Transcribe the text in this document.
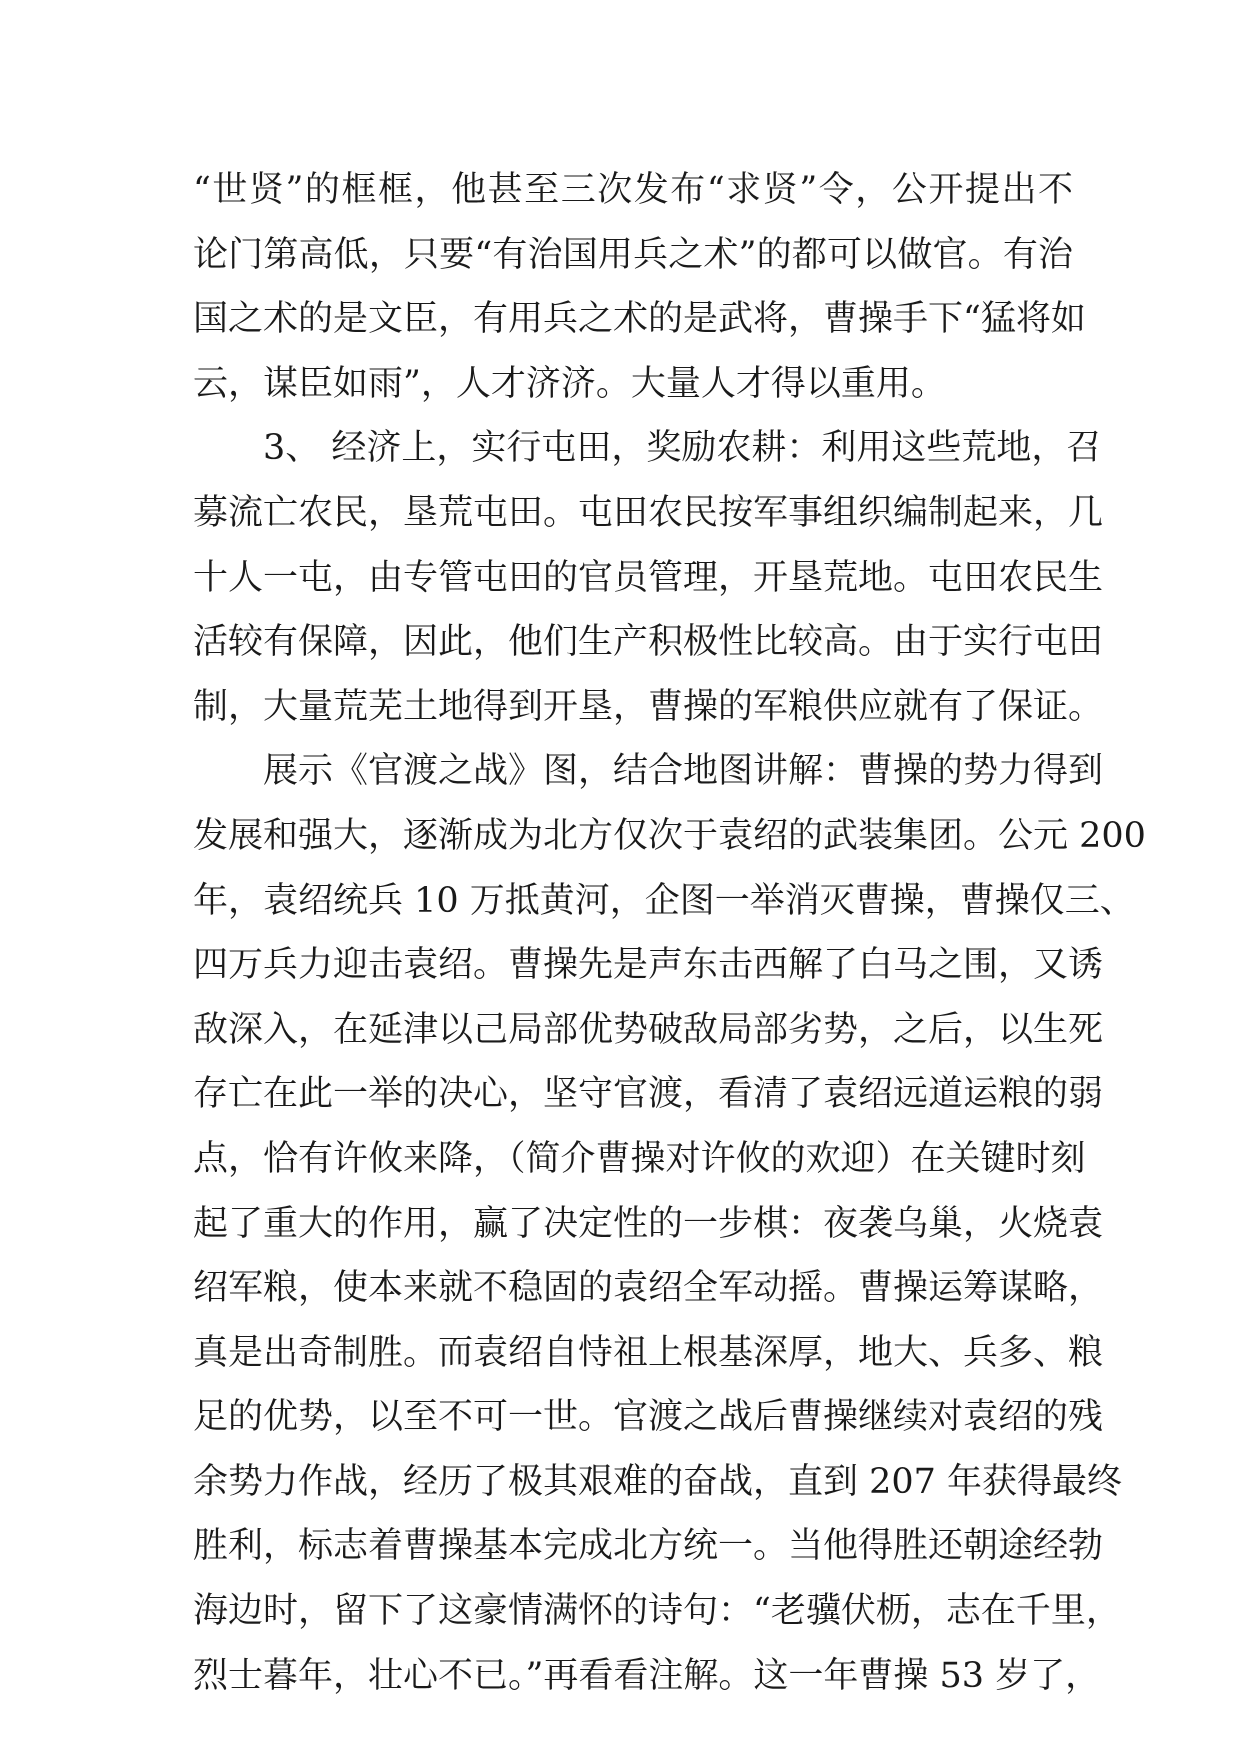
“世贤”的框框，他甚至三次发布“求贤”令，公开提出不
论门第高低，只要“有治国用兵之术”的都可以做官。有治
国之术的是文臣，有用兵之术的是武将，曹操手下“猛将如
云，谋臣如雨”，人才济济。大量人才得以重用。
3、 经济上，实行屯田，奖励农耕：利用这些荒地，召
募流亡农民，垦荒屯田。屯田农民按军事组织编制起来，几
十人一屯，由专管屯田的官员管理，开垦荒地。屯田农民生
活较有保障，因此，他们生产积极性比较高。由于实行屯田
制，大量荒芜土地得到开垦，曹操的军粮供应就有了保证。
展示《官渡之战》图，结合地图讲解：曹操的势力得到
发展和强大，逐渐成为北方仅次于袁绍的武装集团。公元 200
年，袁绍统兵 10 万抵黄河，企图一举消灭曹操，曹操仅三、
四万兵力迎击袁绍。曹操先是声东击西解了白马之围，又诱
敌深入，在延津以己局部优势破敌局部劣势，之后，以生死
存亡在此一举的决心，坚守官渡，看清了袁绍远道运粮的弱
点，恰有许攸来降，（简介曹操对许攸的欢迎）在关键时刻
起了重大的作用，赢了决定性的一步棋：夜袭乌巢，火烧袁
绍军粮，使本来就不稳固的袁绍全军动摇。曹操运筹谋略，
真是出奇制胜。而袁绍自恃祖上根基深厚，地大、兵多、粮
足的优势，以至不可一世。官渡之战后曹操继续对袁绍的残
余势力作战，经历了极其艰难的奋战，直到 207 年获得最终
胜利，标志着曹操基本完成北方统一。当他得胜还朝途经勃
海边时，留下了这豪情满怀的诗句：“老骥伏枥，志在千里，
烈士暮年，壮心不已。”再看看注解。这一年曹操 53 岁了，
